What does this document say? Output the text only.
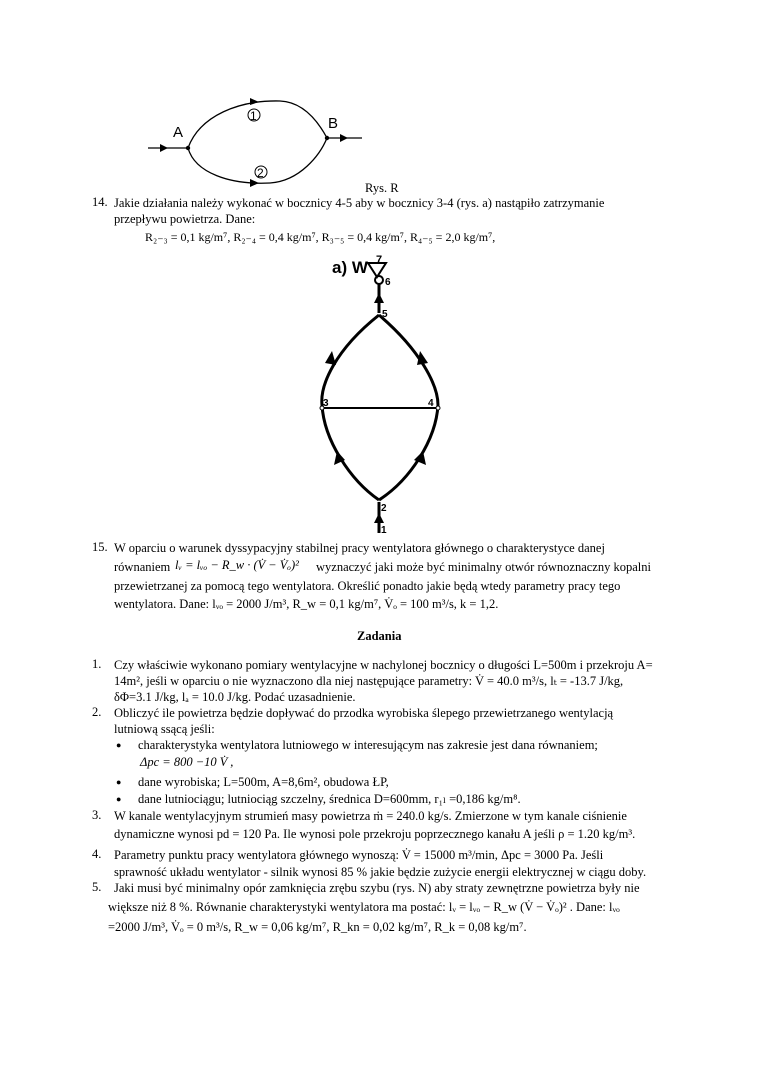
A
B
1
2
Rys. R
14. Jakie działania należy wykonać w bocznicy 4-5 aby w bocznicy 3-4 (rys. a) nastąpiło zatrzymanie
przepływu powietrza. Dane:
R₂₋₃ = 0,1 kg/m⁷, R₂₋₄ = 0,4 kg/m⁷, R₃₋₅ = 0,4 kg/m⁷, R₄₋₅ = 2,0 kg/m⁷,
a) W 7
6
5
3	4
2
1
15. W oparciu o warunek dyssypacyjny stabilnej pracy wentylatora głównego o charakterystyce danej
równaniem lᵥ = lᵥₒ − R_w · (V̇ − V̇ₒ)² wyznaczyć jaki może być minimalny otwór równoznaczny kopalni
przewietrzanej za pomocą tego wentylatora. Określić ponadto jakie będą wtedy parametry pracy tego
wentylatora. Dane: lᵥₒ = 2000 J/m³, R_w = 0,1 kg/m⁷, V̇ₒ = 100 m³/s, k = 1,2.
Zadania
1. Czy właściwie wykonano pomiary wentylacyjne w nachylonej bocznicy o długości L=500m i przekroju A=
14m², jeśli w oparciu o nie wyznaczono dla niej następujące parametry: V̇ = 40.0 m³/s, lₜ = -13.7 J/kg,
δΦ=3.1 J/kg, lₐ = 10.0 J/kg. Podać uzasadnienie.
2. Obliczyć ile powietrza będzie dopływać do przodka wyrobiska ślepego przewietrzanego wentylacją
lutniową ssącą jeśli:
● charakterystyka wentylatora lutniowego w interesującym nas zakresie jest dana równaniem;
Δpc = 800 −10 V̇ ,
● dane wyrobiska; L=500m, A=8,6m², obudowa ŁP,
● dane lutniociągu; lutniociąg szczelny, średnica D=600mm, r₁ₗ =0,186 kg/m⁸.
3. W kanale wentylacyjnym strumień masy powietrza ṁ = 240.0 kg/s. Zmierzone w tym kanale ciśnienie
dynamiczne wynosi pd = 120 Pa. Ile wynosi pole przekroju poprzecznego kanału A jeśli ρ = 1.20 kg/m³.
4. Parametry punktu pracy wentylatora głównego wynoszą: V̇ = 15000 m³/min, Δpc = 3000 Pa. Jeśli
sprawność układu wentylator - silnik wynosi 85 % jakie będzie zużycie energii elektrycznej w ciągu doby.
5. Jaki musi być minimalny opór zamknięcia zrębu szybu (rys. N) aby straty zewnętrzne powietrza były nie
większe niż 8 %. Równanie charakterystyki wentylatora ma postać: lᵥ = lᵥₒ − R_w (V̇ − V̇ₒ)² . Dane: lᵥₒ
=2000 J/m³, V̇ₒ = 0 m³/s, R_w = 0,06 kg/m⁷, R_kn = 0,02 kg/m⁷, R_k = 0,08 kg/m⁷.
